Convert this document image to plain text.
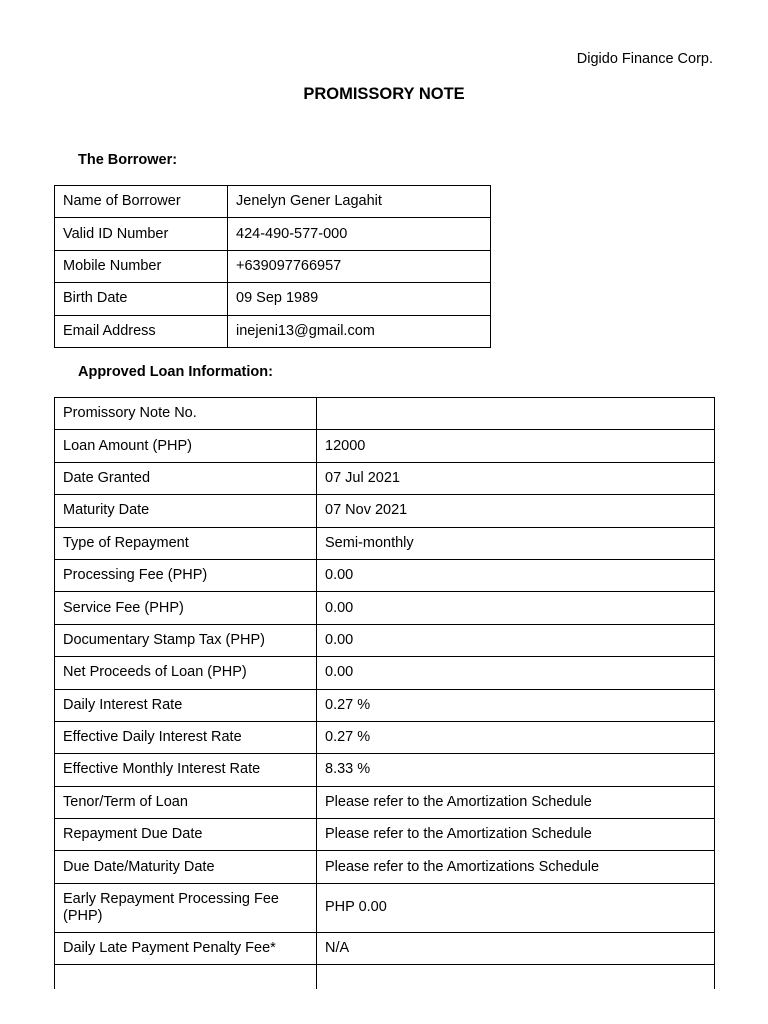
Digido Finance Corp.
PROMISSORY NOTE
The Borrower:
Name of Borrower	Jenelyn Gener Lagahit
Valid ID Number	424-490-577-000
Mobile Number	+639097766957
Birth Date	09 Sep 1989
Email Address	inejeni13@gmail.com
Approved Loan Information:
Promissory Note No.	
Loan Amount (PHP)	12000
Date Granted	07 Jul 2021
Maturity Date	07 Nov 2021
Type of Repayment	Semi-monthly
Processing Fee (PHP)	0.00
Service Fee (PHP)	0.00
Documentary Stamp Tax (PHP)	0.00
Net Proceeds of Loan (PHP)	0.00
Daily Interest Rate	0.27 %
Effective Daily Interest Rate	0.27 %
Effective Monthly Interest Rate	8.33 %
Tenor/Term of Loan	Please refer to the Amortization Schedule
Repayment Due Date	Please refer to the Amortization Schedule
Due Date/Maturity Date	Please refer to the Amortizations Schedule
Early Repayment Processing Fee (PHP)	PHP 0.00
Daily Late Payment Penalty Fee*	N/A
